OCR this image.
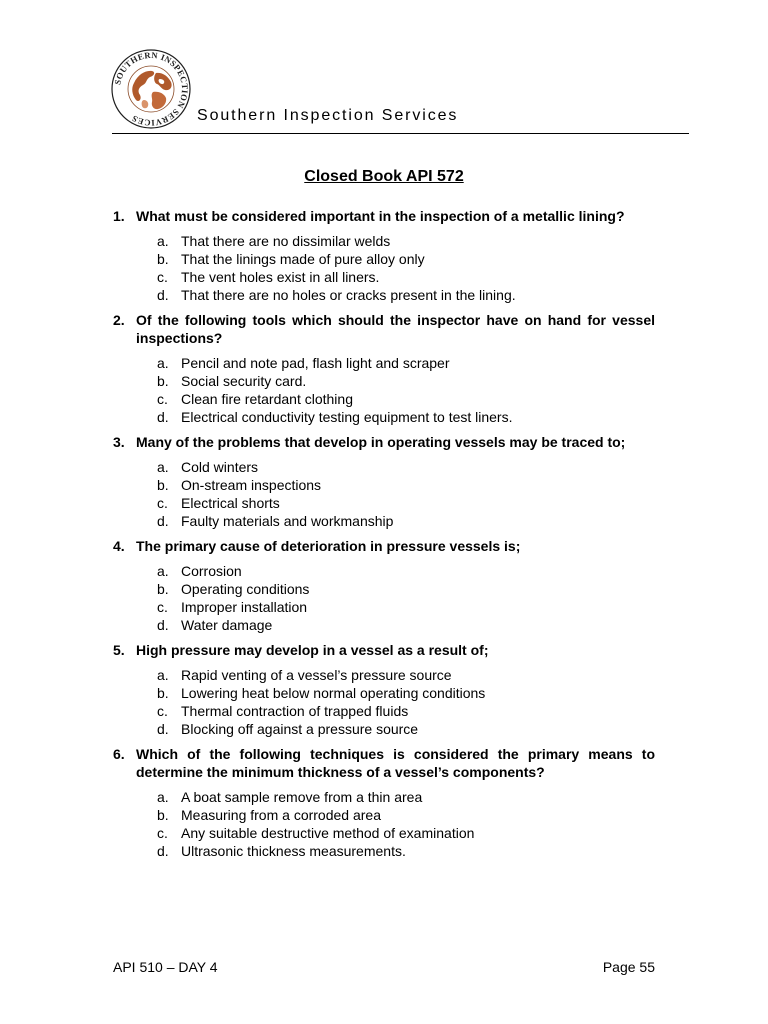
SOUTHERN INSPECTION SERVICES	Southern Inspection Services
Closed Book API 572
1. What must be considered important in the inspection of a metallic lining?
a. That there are no dissimilar welds
b. That the linings made of pure alloy only
c. The vent holes exist in all liners.
d. That there are no holes or cracks present in the lining.
2. Of the following tools which should the inspector have on hand for vessel inspections?
a. Pencil and note pad, flash light and scraper
b. Social security card.
c. Clean fire retardant clothing
d. Electrical conductivity testing equipment to test liners.
3. Many of the problems that develop in operating vessels may be traced to;
a. Cold winters
b. On-stream inspections
c. Electrical shorts
d. Faulty materials and workmanship
4. The primary cause of deterioration in pressure vessels is;
a. Corrosion
b. Operating conditions
c. Improper installation
d. Water damage
5. High pressure may develop in a vessel as a result of;
a. Rapid venting of a vessel’s pressure source
b. Lowering heat below normal operating conditions
c. Thermal contraction of trapped fluids
d. Blocking off against a pressure source
6. Which of the following techniques is considered the primary means to determine the minimum thickness of a vessel’s components?
a. A boat sample remove from a thin area
b. Measuring from a corroded area
c. Any suitable destructive method of examination
d. Ultrasonic thickness measurements.
API 510 – DAY 4	Page 55
